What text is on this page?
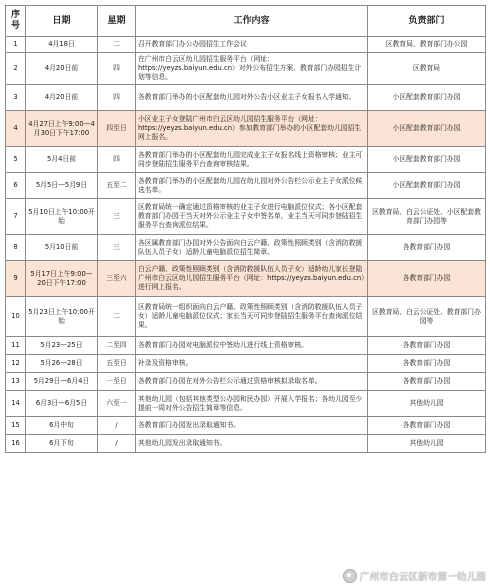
序号	日期	星期	工作内容	负责部门
1	4月18日	二	召开教育部门办公办园招生工作会议	区教育局、教育部门办公园
2	4月20日前	四	在广州市白云区幼儿园招生服务平台（网址：https://yeyzs.baiyun.edu.cn）对外公布招生方案、教育部门办园招生计划等信息。	区教育局
3	4月20日前	四	各教育部门举办的小区配套幼儿园对外公告小区业主子女报名入学通知。	小区配套教育部门办园
4	4月27日上午9:00—4月30日下午17:00	四至日	小区业主子女登陆广州市白云区幼儿园招生服务平台（网址：https://yeyzs.baiyun.edu.cn）参加教育部门举办的小区配套幼儿园招生网上报名。	小区配套教育部门办园
5	5月4日前	四	各教育部门举办的小区配套幼儿园完成业主子女报名线上资格审核；业主可同步登陆招生服务平台查询审核结果。	小区配套教育部门办园
6	5月5日—5月9日	五至二	各教育部门举办的小区配套幼儿园在幼儿园对外公告栏公示业主子女派位候选名单。	小区配套教育部门办园
7	5月10日上午10:00开始	三	区教育局统一确定通过资格审核的业主子女进行电脑派位仪式；各小区配套教育部门办园于当天对外公示业主子女中签名单，业主当天可同步登陆招生服务平台查询派位结果。	区教育局、白云公证处、小区配套教育部门办园等
8	5月10日前	三	各区属教育部门办园对外公告面向白云户籍、政策性照顾类别（含消防救援队伍人员子女）适龄儿童电脑派位招生简章。	各教育部门办园
9	5月17日上午9:00—20日下午17:00	三至六	白云户籍、政策性照顾类别（含消防救援队伍人员子女）适龄幼儿家长登陆广州市白云区幼儿园招生服务平台（网址：https://yeyzs.baiyun.edu.cn）进行网上报名。	各教育部门办园
10	5月23日上午10:00开始	二	区教育局统一组织面向白云户籍、政策性照顾类别（含消防救援队伍人员子女）适龄儿童电脑派位仪式；家长当天可同步登陆招生服务平台查询派位结果。	区教育局、白云公证处、教育部门办园等
11	5月23—25日	二至四	各教育部门办园对电脑派位中签幼儿进行线上资格审核。	各教育部门办园
12	5月26—28日	五至日	补录及资格审核。	各教育部门办园
13	5月29日—6月4日	一至日	各教育部门办园在对外公告栏公示通过资格审核拟录取名单。	各教育部门办园
14	6月3日—6月5日	六至一	其他幼儿园（包括其他类型公办园和民办园）开展入学报名；各幼儿园至少提前一周对外公告招生简章等信息。	其他幼儿园
15	6月中旬	/	各教育部门办园发出录取通知书。	各教育部门办园
16	6月下旬	/	其他幼儿园发出录取通知书。	其他幼儿园
广州市白云区新市第一幼儿园
